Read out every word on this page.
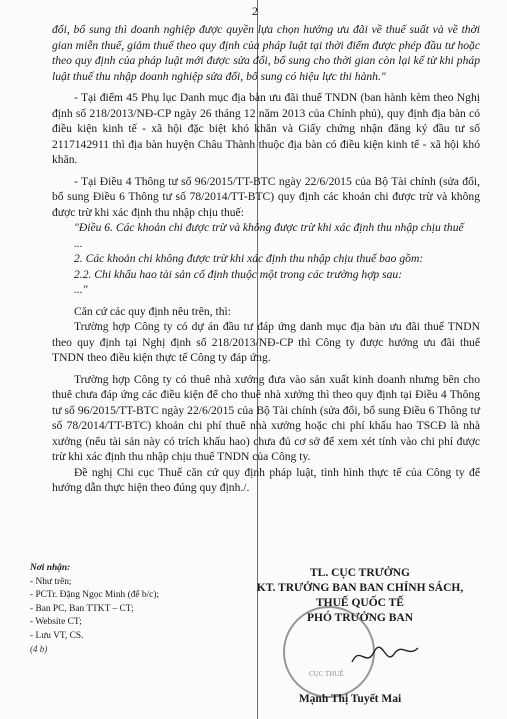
2

đổi, bổ sung thì doanh nghiệp được quyền lựa chọn hưởng ưu đãi về thuế suất và về thời gian miễn thuế, giảm thuế theo quy định của pháp luật tại thời điểm được phép đầu tư hoặc theo quy định của pháp luật mới được sửa đổi, bổ sung cho thời gian còn lại kể từ khi pháp luật thuế thu nhập doanh nghiệp sửa đổi, bổ sung có hiệu lực thi hành."

- Tại điểm 45 Phụ lục Danh mục địa bàn ưu đãi thuế TNDN (ban hành kèm theo Nghị định số 218/2013/NĐ-CP ngày 26 tháng 12 năm 2013 của Chính phủ), quy định địa bàn có điều kiện kinh tế - xã hội đặc biệt khó khăn và Giấy chứng nhận đăng ký đầu tư số 2117142911 thì địa bàn huyện Châu Thành thuộc địa bàn có điều kiện kinh tế - xã hội khó khăn.

- Tại Điều 4 Thông tư số 96/2015/TT-BTC ngày 22/6/2015 của Bộ Tài chính (sửa đổi, bổ sung Điều 6 Thông tư số 78/2014/TT-BTC) quy định các khoản chi được trừ và không được trừ khi xác định thu nhập chịu thuế:

"Điều 6. Các khoản chi được trừ và không được trừ khi xác định thu nhập chịu thuế

...

2. Các khoản chi không được trừ khi xác định thu nhập chịu thuế bao gồm:

2.2. Chi khấu hao tài sản cố định thuộc một trong các trường hợp sau:

..."

Căn cứ các quy định nêu trên, thì:

Trường hợp Công ty có dự án đầu tư đáp ứng danh mục địa bàn ưu đãi thuế TNDN theo quy định tại Nghị định số 218/2013/NĐ-CP thì Công ty được hưởng ưu đãi thuế TNDN theo điều kiện thực tế Công ty đáp ứng.

Trường hợp Công ty có thuê nhà xưởng đưa vào sản xuất kinh doanh nhưng bên cho thuê chưa đáp ứng các điều kiện để cho thuê nhà xưởng thì theo quy định tại Điều 4 Thông tư số 96/2015/TT-BTC ngày 22/6/2015 của Bộ Tài chính (sửa đổi, bổ sung Điều 6 Thông tư số 78/2014/TT-BTC) khoản chi phí thuê nhà xưởng hoặc chi phí khấu hao TSCĐ là nhà xưởng (nếu tài sản này có trích khấu hao) chưa đủ cơ sở để xem xét tính vào chi phí được trừ khi xác định thu nhập chịu thuế TNDN của Công ty.

Đề nghị Chi cục Thuế căn cứ quy định pháp luật, tình hình thực tế của Công ty để hướng dẫn thực hiện theo đúng quy định./.

Nơi nhận:
- Như trên;
- PCTr. Đặng Ngọc Minh (để b/c);
- Ban PC, Ban TTKT – CT;
- Website CT;
- Lưu VT, CS.
(4 b)
TL. CỤC TRƯỞNG
KT. TRƯỞNG BAN BAN CHÍNH SÁCH,
THUẾ QUỐC TẾ
PHÓ TRƯỞNG BAN
CỤC THUẾ
Mạnh Thị Tuyết Mai
